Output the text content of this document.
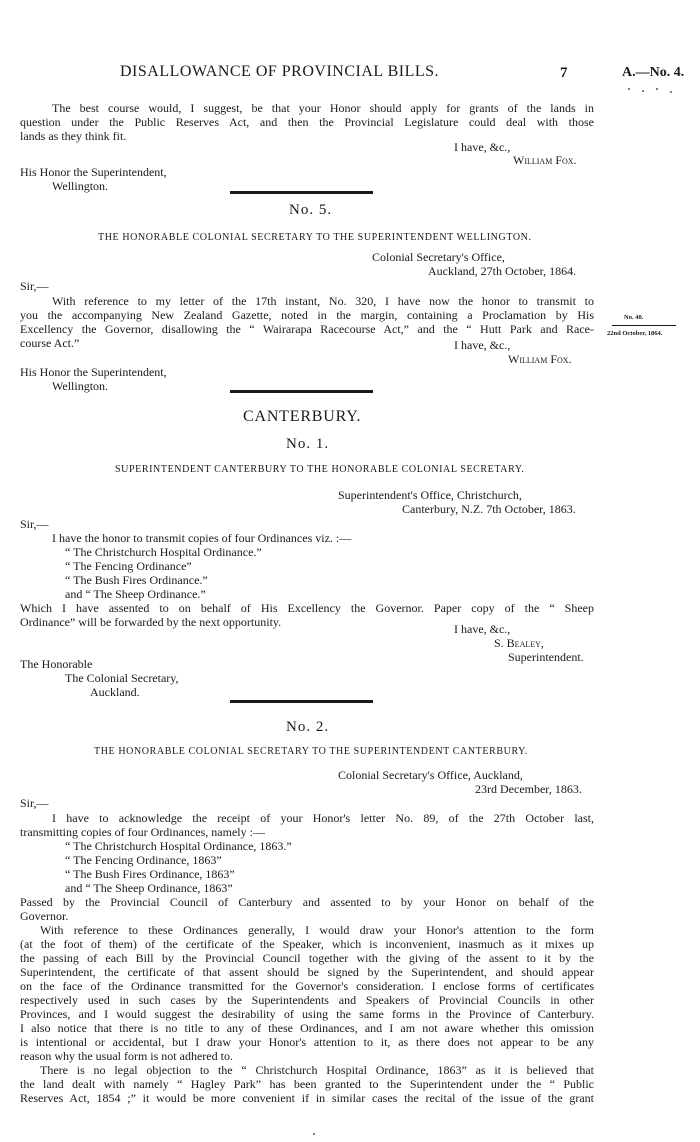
DISALLOWANCE OF PROVINCIAL BILLS.	7	A.—No. 4.
The best course would, I suggest, be that your Honor should apply for grants of the lands in
question under the Public Reserves Act, and then the Provincial Legislature could deal with those
lands as they think fit.
I have, &c.,
William Fox.
His Honor the Superintendent,
Wellington.
No. 5.
THE HONORABLE COLONIAL SECRETARY TO THE SUPERINTENDENT WELLINGTON.
Colonial Secretary's Office,
Auckland, 27th October, 1864.
Sir,—
With reference to my letter of the 17th instant, No. 320, I have now the honor to transmit to
you the accompanying New Zealand Gazette, noted in the margin, containing a Proclamation by His
Excellency the Governor, disallowing the “ Wairarapa Racecourse Act,” and the “ Hutt Park and Race-
course Act.”
No. 40.
22nd October, 1864.
I have, &c.,
William Fox.
His Honor the Superintendent,
Wellington.
CANTERBURY.
No. 1.
SUPERINTENDENT CANTERBURY TO THE HONORABLE COLONIAL SECRETARY.
Superintendent's Office, Christchurch,
Canterbury, N.Z. 7th October, 1863.
Sir,—
I have the honor to transmit copies of four Ordinances viz. :—
“ The Christchurch Hospital Ordinance.”
“ The Fencing Ordinance”
“ The Bush Fires Ordinance.”
and “ The Sheep Ordinance.”
Which I have assented to on behalf of His Excellency the Governor. Paper copy of the “ Sheep
Ordinance” will be forwarded by the next opportunity.	I have, &c.,
S. Bealey,
Superintendent.
The Honorable
The Colonial Secretary,
Auckland.
No. 2.
THE HONORABLE COLONIAL SECRETARY TO THE SUPERINTENDENT CANTERBURY.
Colonial Secretary's Office, Auckland,
23rd December, 1863.
Sir,—
I have to acknowledge the receipt of your Honor's letter No. 89, of the 27th October last,
transmitting copies of four Ordinances, namely :—
“ The Christchurch Hospital Ordinance, 1863.”
“ The Fencing Ordinance, 1863”
“ The Bush Fires Ordinance, 1863”
and “ The Sheep Ordinance, 1863”
Passed by the Provincial Council of Canterbury and assented to by your Honor on behalf of the
Governor.
With reference to these Ordinances generally, I would draw your Honor's attention to the form
(at the foot of them) of the certificate of the Speaker, which is inconvenient, inasmuch as it mixes up
the passing of each Bill by the Provincial Council together with the giving of the assent to it by the
Superintendent, the certificate of that assent should be signed by the Superintendent, and should appear
on the face of the Ordinance transmitted for the Governor's consideration. I enclose forms of certificates
respectively used in such cases by the Superintendents and Speakers of Provincial Councils in other
Provinces, and I would suggest the desirability of using the same forms in the Province of Canterbury.
I also notice that there is no title to any of these Ordinances, and I am not aware whether this omission
is intentional or accidental, but I draw your Honor's attention to it, as there does not appear to be any
reason why the usual form is not adhered to.
There is no legal objection to the “ Christchurch Hospital Ordinance, 1863” as it is believed that
the land dealt with namely “ Hagley Park” has been granted to the Superintendent under the “ Public
Reserves Act, 1854 ;” it would be more convenient if in similar cases the recital of the issue of the grant
